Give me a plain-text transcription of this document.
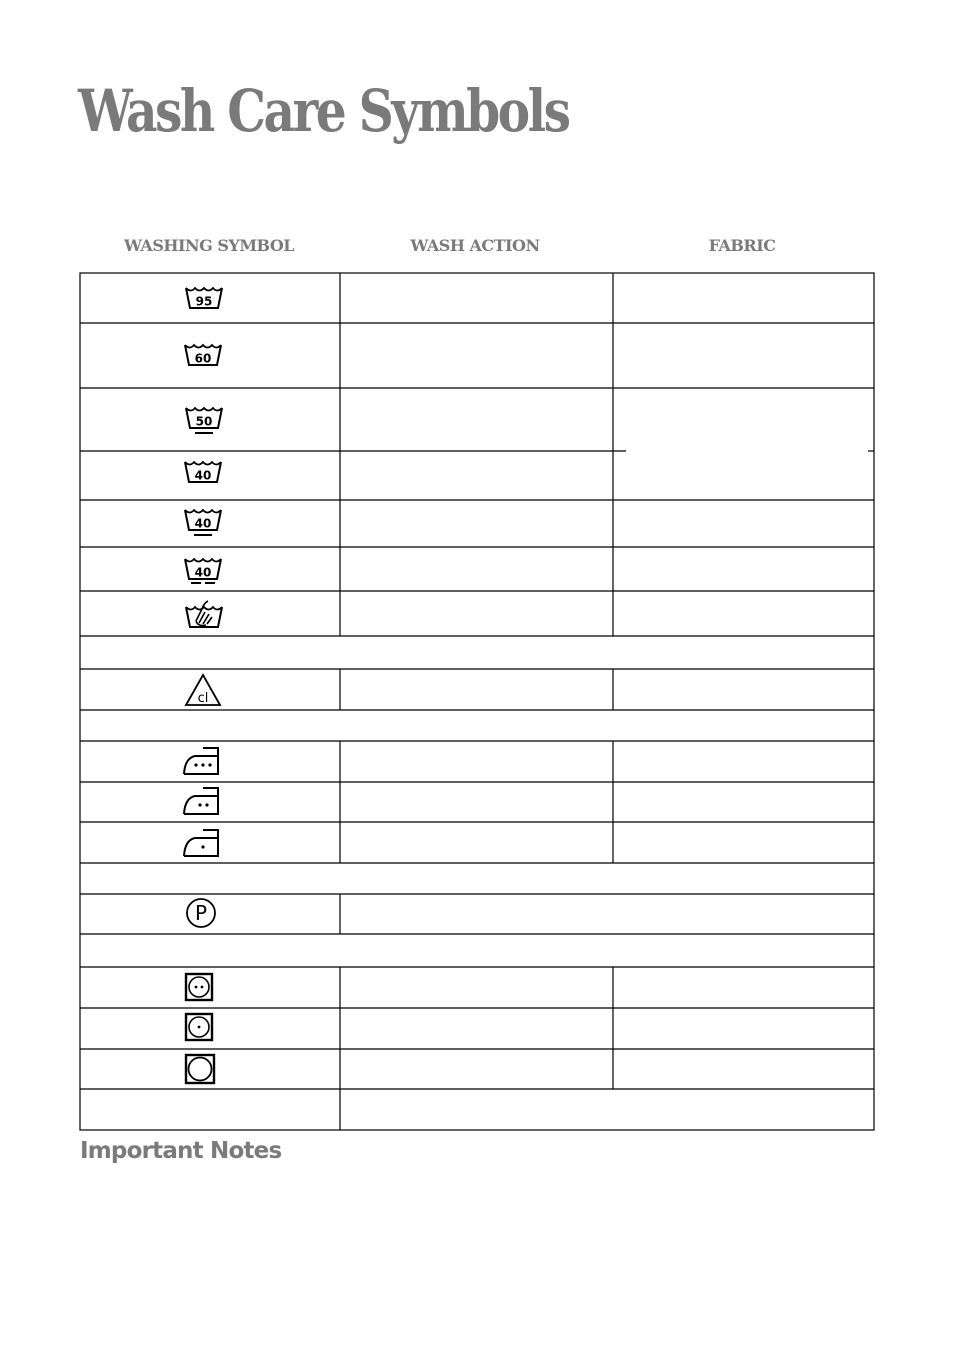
Wash Care Symbols
WASHING SYMBOL	WASH ACTION	FABRIC
95
60
50
40
40
40
cl
P
Important Notes
